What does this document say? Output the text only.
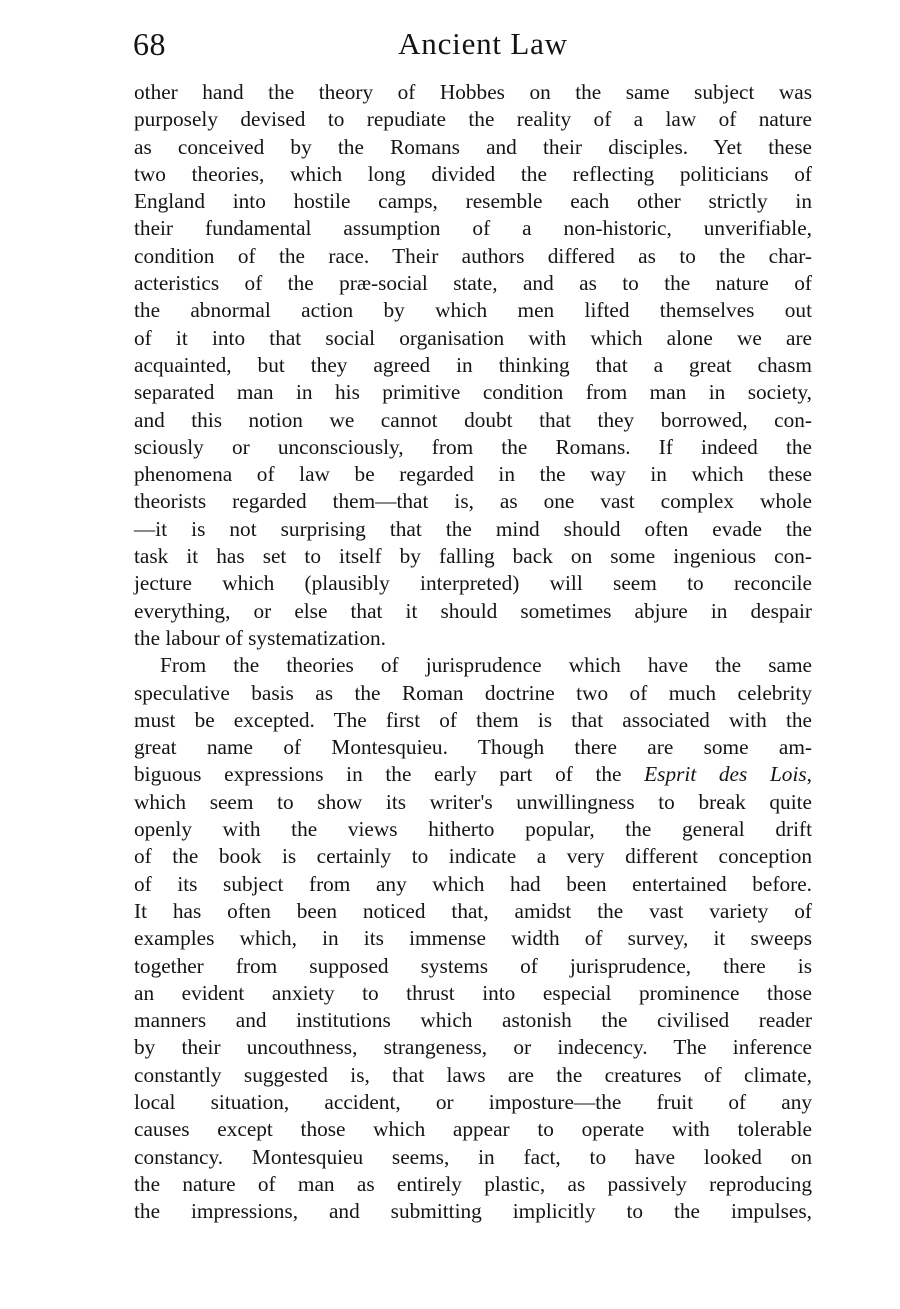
68	Ancient Law
other hand the theory of Hobbes on the same subject was
purposely devised to repudiate the reality of a law of nature
as conceived by the Romans and their disciples. Yet these
two theories, which long divided the reflecting politicians of
England into hostile camps, resemble each other strictly in
their fundamental assumption of a non-historic, unverifiable,
condition of the race. Their authors differed as to the char-
acteristics of the præ-social state, and as to the nature of
the abnormal action by which men lifted themselves out
of it into that social organisation with which alone we are
acquainted, but they agreed in thinking that a great chasm
separated man in his primitive condition from man in society,
and this notion we cannot doubt that they borrowed, con-
sciously or unconsciously, from the Romans. If indeed the
phenomena of law be regarded in the way in which these
theorists regarded them—that is, as one vast complex whole
—it is not surprising that the mind should often evade the
task it has set to itself by falling back on some ingenious con-
jecture which (plausibly interpreted) will seem to reconcile
everything, or else that it should sometimes abjure in despair
the labour of systematization.
From the theories of jurisprudence which have the same
speculative basis as the Roman doctrine two of much celebrity
must be excepted. The first of them is that associated with the
great name of Montesquieu. Though there are some am-
biguous expressions in the early part of the Esprit des Lois,
which seem to show its writer's unwillingness to break quite
openly with the views hitherto popular, the general drift
of the book is certainly to indicate a very different conception
of its subject from any which had been entertained before.
It has often been noticed that, amidst the vast variety of
examples which, in its immense width of survey, it sweeps
together from supposed systems of jurisprudence, there is
an evident anxiety to thrust into especial prominence those
manners and institutions which astonish the civilised reader
by their uncouthness, strangeness, or indecency. The inference
constantly suggested is, that laws are the creatures of climate,
local situation, accident, or imposture—the fruit of any
causes except those which appear to operate with tolerable
constancy. Montesquieu seems, in fact, to have looked on
the nature of man as entirely plastic, as passively reproducing
the impressions, and submitting implicitly to the impulses,
